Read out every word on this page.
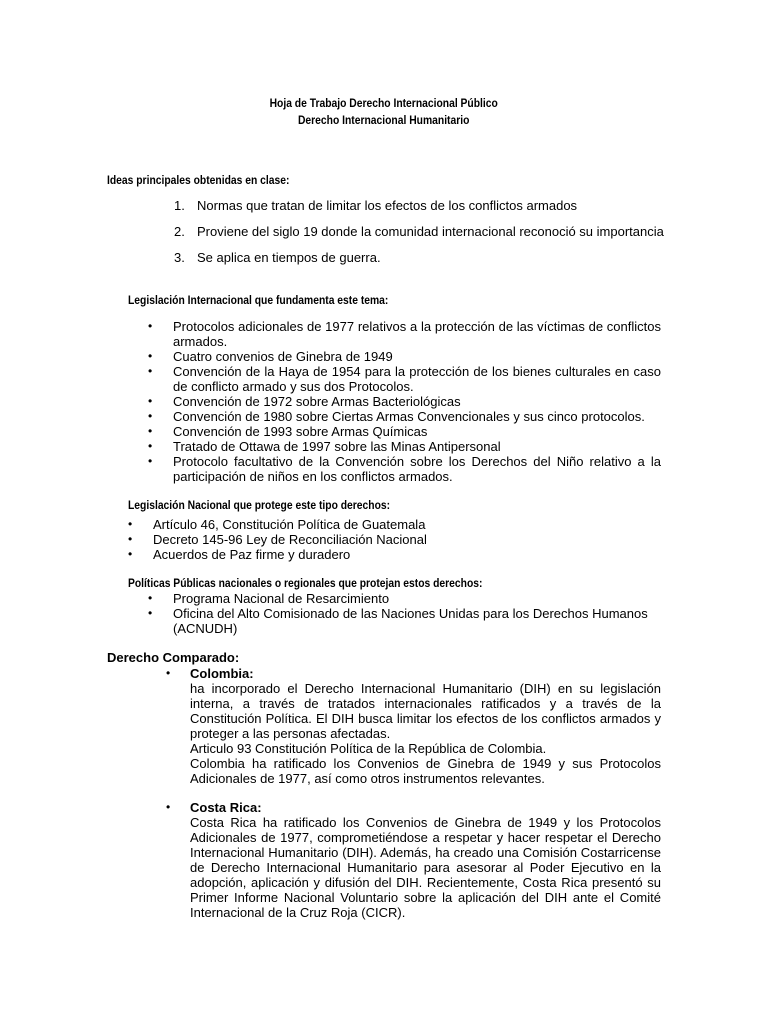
Hoja de Trabajo Derecho Internacional Público
Derecho Internacional Humanitario
Ideas principales obtenidas en clase:
1. Normas que tratan de limitar los efectos de los conflictos armados
2. Proviene del siglo 19 donde la comunidad internacional reconoció su importancia
3. Se aplica en tiempos de guerra.
Legislación Internacional que fundamenta este tema:
• Protocolos adicionales de 1977 relativos a la protección de las víctimas de conflictos armados.
• Cuatro convenios de Ginebra de 1949
• Convención de la Haya de 1954 para la protección de los bienes culturales en caso de conflicto armado y sus dos Protocolos.
• Convención de 1972 sobre Armas Bacteriológicas
• Convención de 1980 sobre Ciertas Armas Convencionales y sus cinco protocolos.
• Convención de 1993 sobre Armas Químicas
• Tratado de Ottawa de 1997 sobre las Minas Antipersonal
• Protocolo facultativo de la Convención sobre los Derechos del Niño relativo a la participación de niños en los conflictos armados.
Legislación Nacional que protege este tipo derechos:
• Artículo 46, Constitución Política de Guatemala
• Decreto 145-96 Ley de Reconciliación Nacional
• Acuerdos de Paz firme y duradero
Políticas Públicas nacionales o regionales que protejan estos derechos:
• Programa Nacional de Resarcimiento
• Oficina del Alto Comisionado de las Naciones Unidas para los Derechos Humanos (ACNUDH)
Derecho Comparado:
• Colombia:
ha incorporado el Derecho Internacional Humanitario (DIH) en su legislación interna, a través de tratados internacionales ratificados y a través de la Constitución Política. El DIH busca limitar los efectos de los conflictos armados y proteger a las personas afectadas.
Articulo 93 Constitución Política de la República de Colombia.
Colombia ha ratificado los Convenios de Ginebra de 1949 y sus Protocolos Adicionales de 1977, así como otros instrumentos relevantes.
• Costa Rica:
Costa Rica ha ratificado los Convenios de Ginebra de 1949 y los Protocolos Adicionales de 1977, comprometiéndose a respetar y hacer respetar el Derecho Internacional Humanitario (DIH). Además, ha creado una Comisión Costarricense de Derecho Internacional Humanitario para asesorar al Poder Ejecutivo en la adopción, aplicación y difusión del DIH. Recientemente, Costa Rica presentó su Primer Informe Nacional Voluntario sobre la aplicación del DIH ante el Comité Internacional de la Cruz Roja (CICR).
